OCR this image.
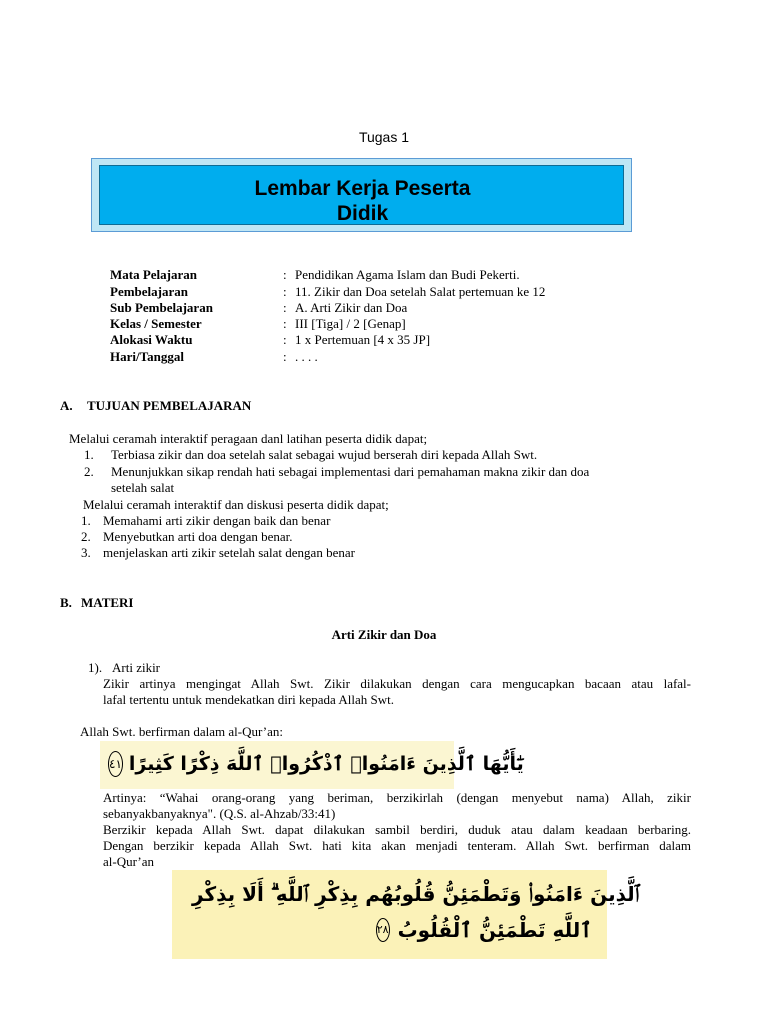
Tugas 1
Lembar Kerja Peserta
Didik
Mata Pelajaran	: Pendidikan Agama Islam dan Budi Pekerti.
Pembelajaran	: 11. Zikir dan Doa setelah Salat pertemuan ke 12
Sub Pembelajaran	: A. Arti Zikir dan Doa
Kelas / Semester	: III [Tiga] / 2 [Genap]
Alokasi Waktu	: 1 x Pertemuan [4 x 35 JP]
Hari/Tanggal	: . . . .
A. TUJUAN PEMBELAJARAN
Melalui ceramah interaktif peragaan danl latihan peserta didik dapat;
1. Terbiasa zikir dan doa setelah salat sebagai wujud berserah diri kepada Allah Swt.
2. Menunjukkan sikap rendah hati sebagai implementasi dari pemahaman makna zikir dan doa
setelah salat
Melalui ceramah interaktif dan diskusi peserta didik dapat;
1. Memahami arti zikir dengan baik dan benar
2. Menyebutkan arti doa dengan benar.
3. menjelaskan arti zikir setelah salat dengan benar
B. MATERI
Arti Zikir dan Doa
1). Arti zikir
Zikir artinya mengingat Allah Swt. Zikir dilakukan dengan cara mengucapkan bacaan atau lafal-
lafal tertentu untuk mendekatkan diri kepada Allah Swt.
Allah Swt. berfirman dalam al-Qur’an:
٤١ يَٰٓأَيُّهَا ٱلَّذِينَ ءَامَنُوا۟ ٱذْكُرُوا۟ ٱللَّهَ ذِكْرًا كَثِيرًا
Artinya: “Wahai orang-orang yang beriman, berzikirlah (dengan menyebut nama) Allah, zikir
sebanyakbanyaknya". (Q.S. al-Ahzab/33:41)
Berzikir kepada Allah Swt. dapat dilakukan sambil berdiri, duduk atau dalam keadaan berbaring.
Dengan berzikir kepada Allah Swt. hati kita akan menjadi tenteram. Allah Swt. berfirman dalam
al-Qur’an
ٱلَّذِينَ ءَامَنُوا۟ وَتَطْمَئِنُّ قُلُوبُهُم بِذِكْرِ ٱللَّهِ ۗ أَلَا بِذِكْرِ
٢٨ ٱللَّهِ تَطْمَئِنُّ ٱلْقُلُوبُ
